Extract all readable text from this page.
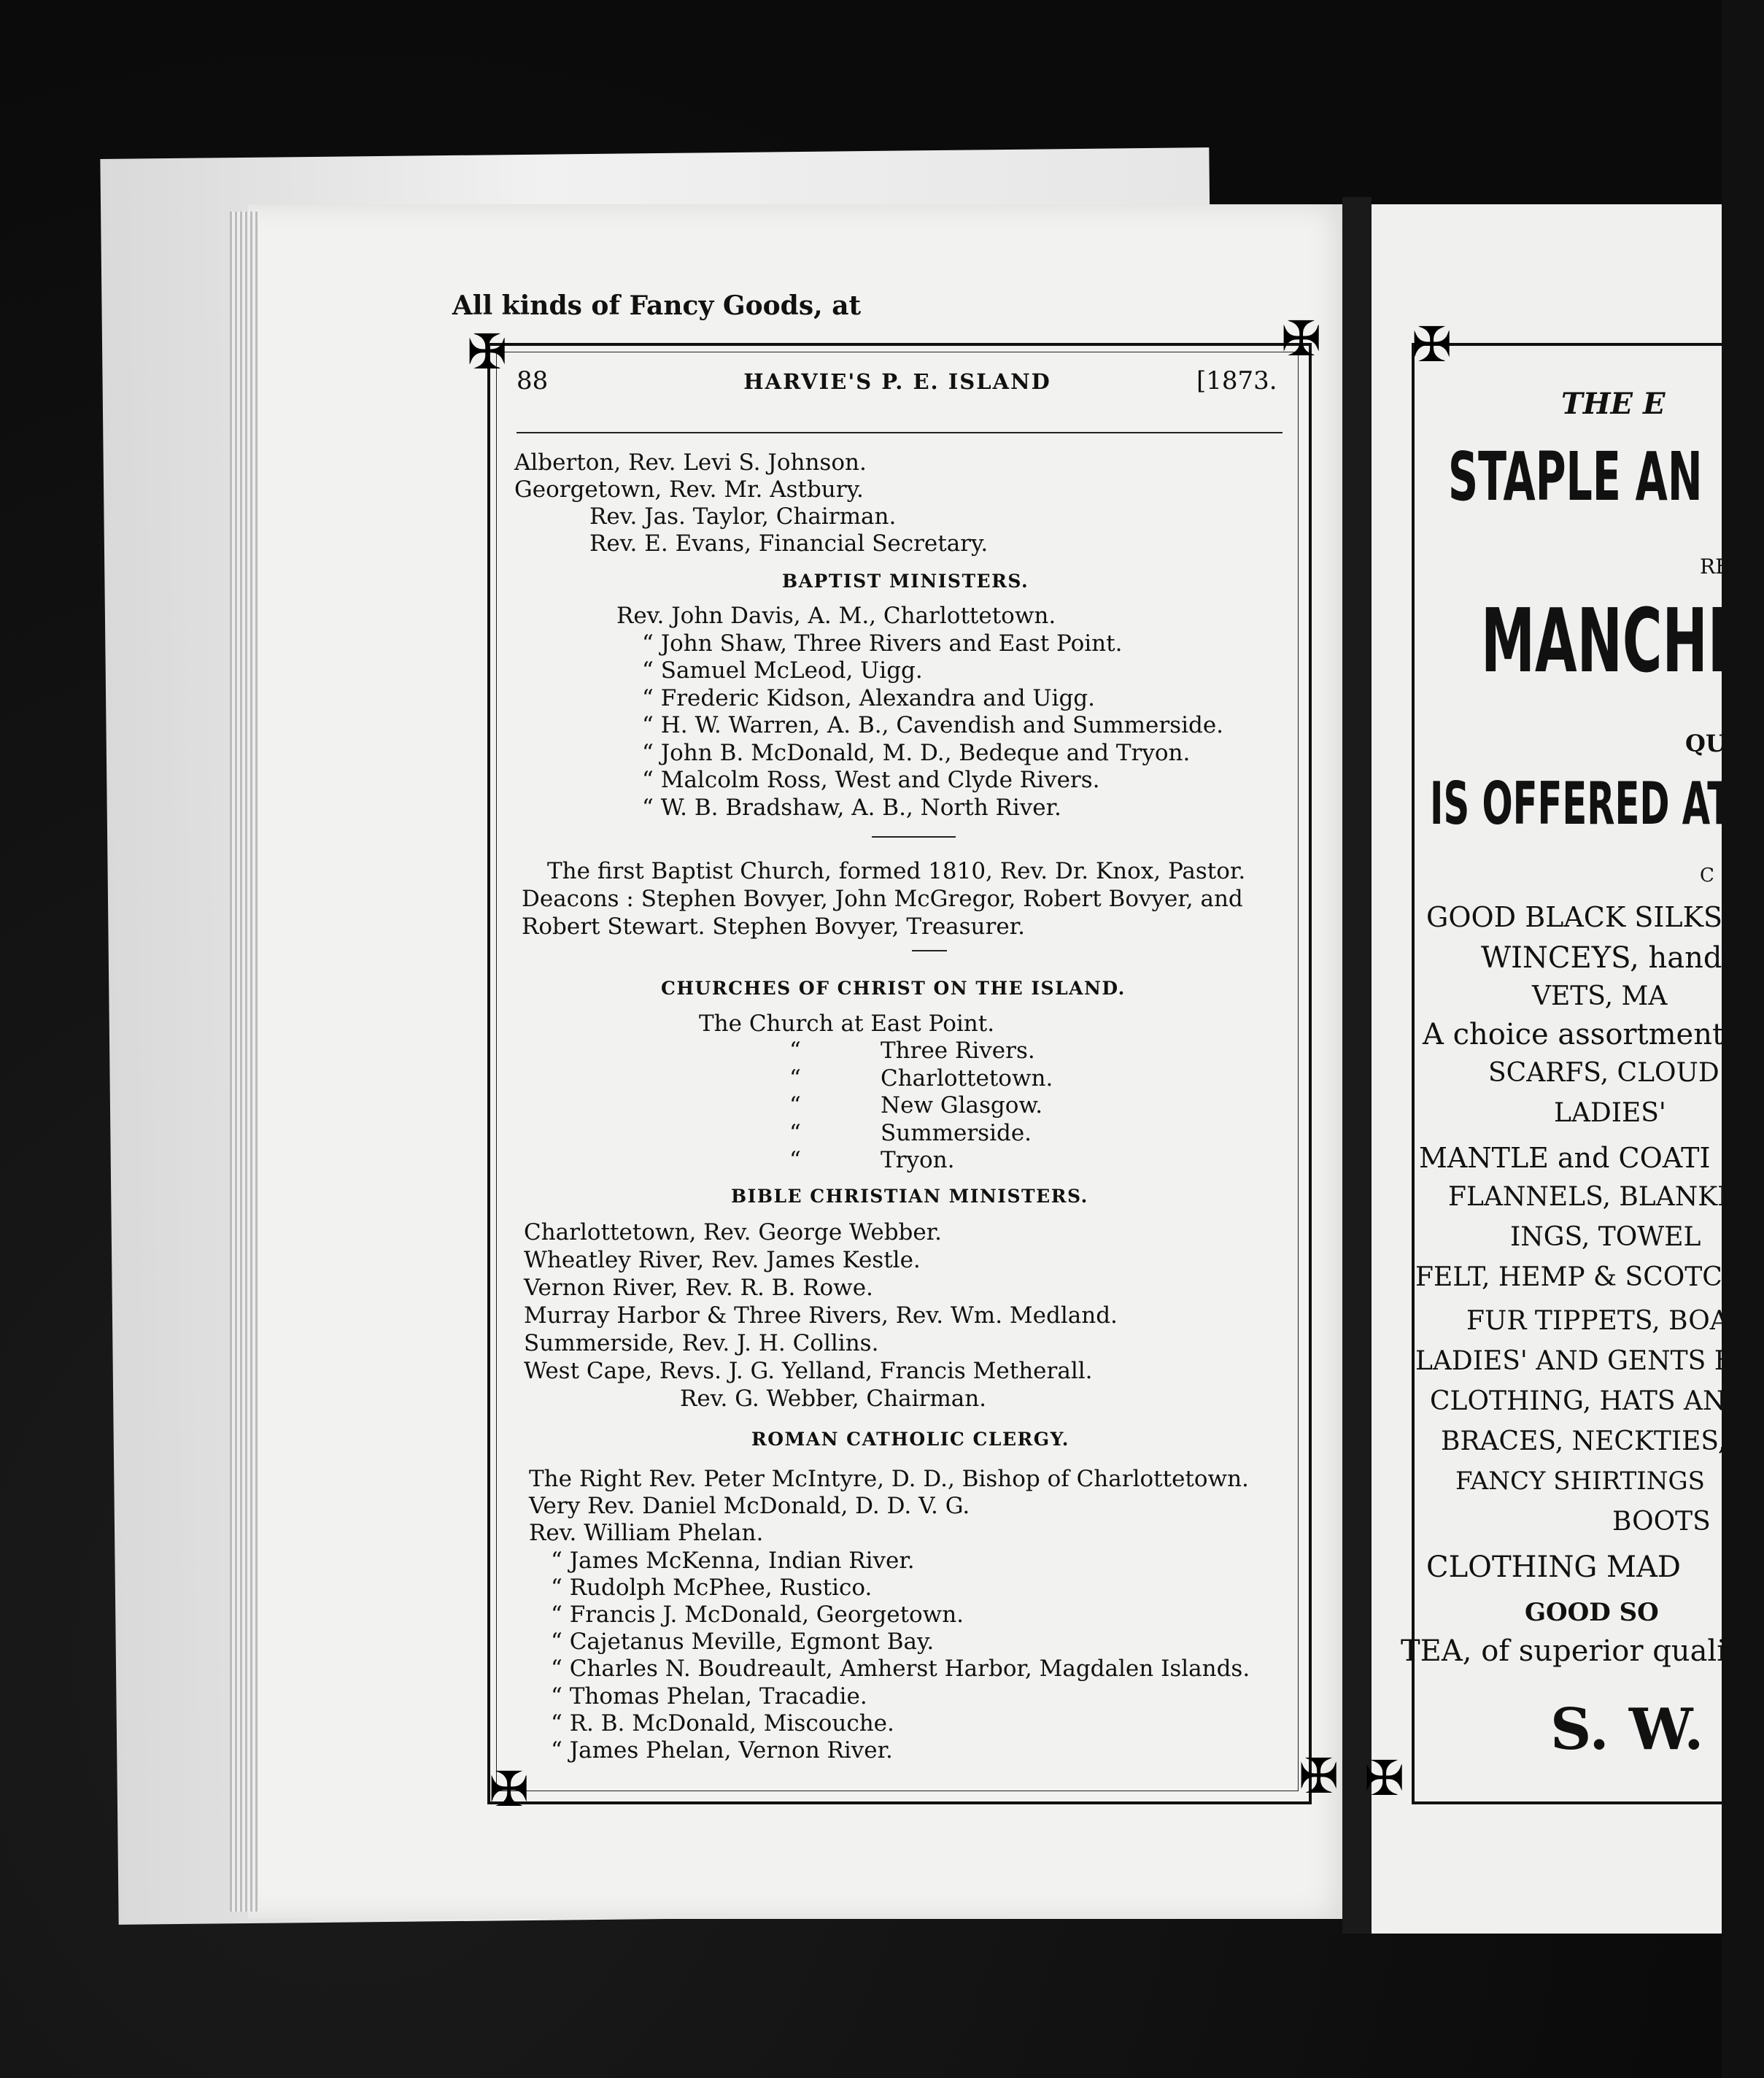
All kinds of Fancy Goods, at
✠	✠
✠	✠
88	HARVIE'S P. E. ISLAND	[1873.
Alberton, Rev. Levi S. Johnson.
Georgetown, Rev. Mr. Astbury.
Rev. Jas. Taylor, Chairman.
Rev. E. Evans, Financial Secretary.
BAPTIST MINISTERS.
Rev. John Davis, A. M., Charlottetown.
“ John Shaw, Three Rivers and East Point.
“ Samuel McLeod, Uigg.
“ Frederic Kidson, Alexandra and Uigg.
“ H. W. Warren, A. B., Cavendish and Summerside.
“ John B. McDonald, M. D., Bedeque and Tryon.
“ Malcolm Ross, West and Clyde Rivers.
“ W. B. Bradshaw, A. B., North River.
The first Baptist Church, formed 1810, Rev. Dr. Knox, Pastor.
Deacons : Stephen Bovyer, John McGregor, Robert Bovyer, and
Robert Stewart. Stephen Bovyer, Treasurer.
CHURCHES OF CHRIST ON THE ISLAND.
The Church at East Point.
“	Three Rivers.
“	Charlottetown.
“	New Glasgow.
“	Summerside.
“	Tryon.
BIBLE CHRISTIAN MINISTERS.
Charlottetown, Rev. George Webber.
Wheatley River, Rev. James Kestle.
Vernon River, Rev. R. B. Rowe.
Murray Harbor & Three Rivers, Rev. Wm. Medland.
Summerside, Rev. J. H. Collins.
West Cape, Revs. J. G. Yelland, Francis Metherall.
Rev. G. Webber, Chairman.
ROMAN CATHOLIC CLERGY.
The Right Rev. Peter McIntyre, D. D., Bishop of Charlottetown.
Very Rev. Daniel McDonald, D. D. V. G.
Rev. William Phelan.
“ James McKenna, Indian River.
“ Rudolph McPhee, Rustico.
“ Francis J. McDonald, Georgetown.
“ Cajetanus Meville, Egmont Bay.
“ Charles N. Boudreault, Amherst Harbor, Magdalen Islands.
“ Thomas Phelan, Tracadie.
“ R. B. McDonald, Miscouche.
“ James Phelan, Vernon River.
✠
✠
THE E
STAPLE AN
RE
MANCHE
QU
IS OFFERED AT
C
GOOD BLACK SILKS,
WINCEYS, hands
VETS, MA
A choice assortment
SCARFS, CLOUD
LADIES'
MANTLE and COATI
FLANNELS, BLANKE
INGS, TOWEL
FELT, HEMP & SCOTC
FUR TIPPETS, BOA
LADIES' AND GENTS F
CLOTHING, HATS AN
BRACES, NECKTIES,
FANCY SHIRTINGS
BOOTS
CLOTHING MAD
GOOD SO
TEA, of superior quality;
S. W.
